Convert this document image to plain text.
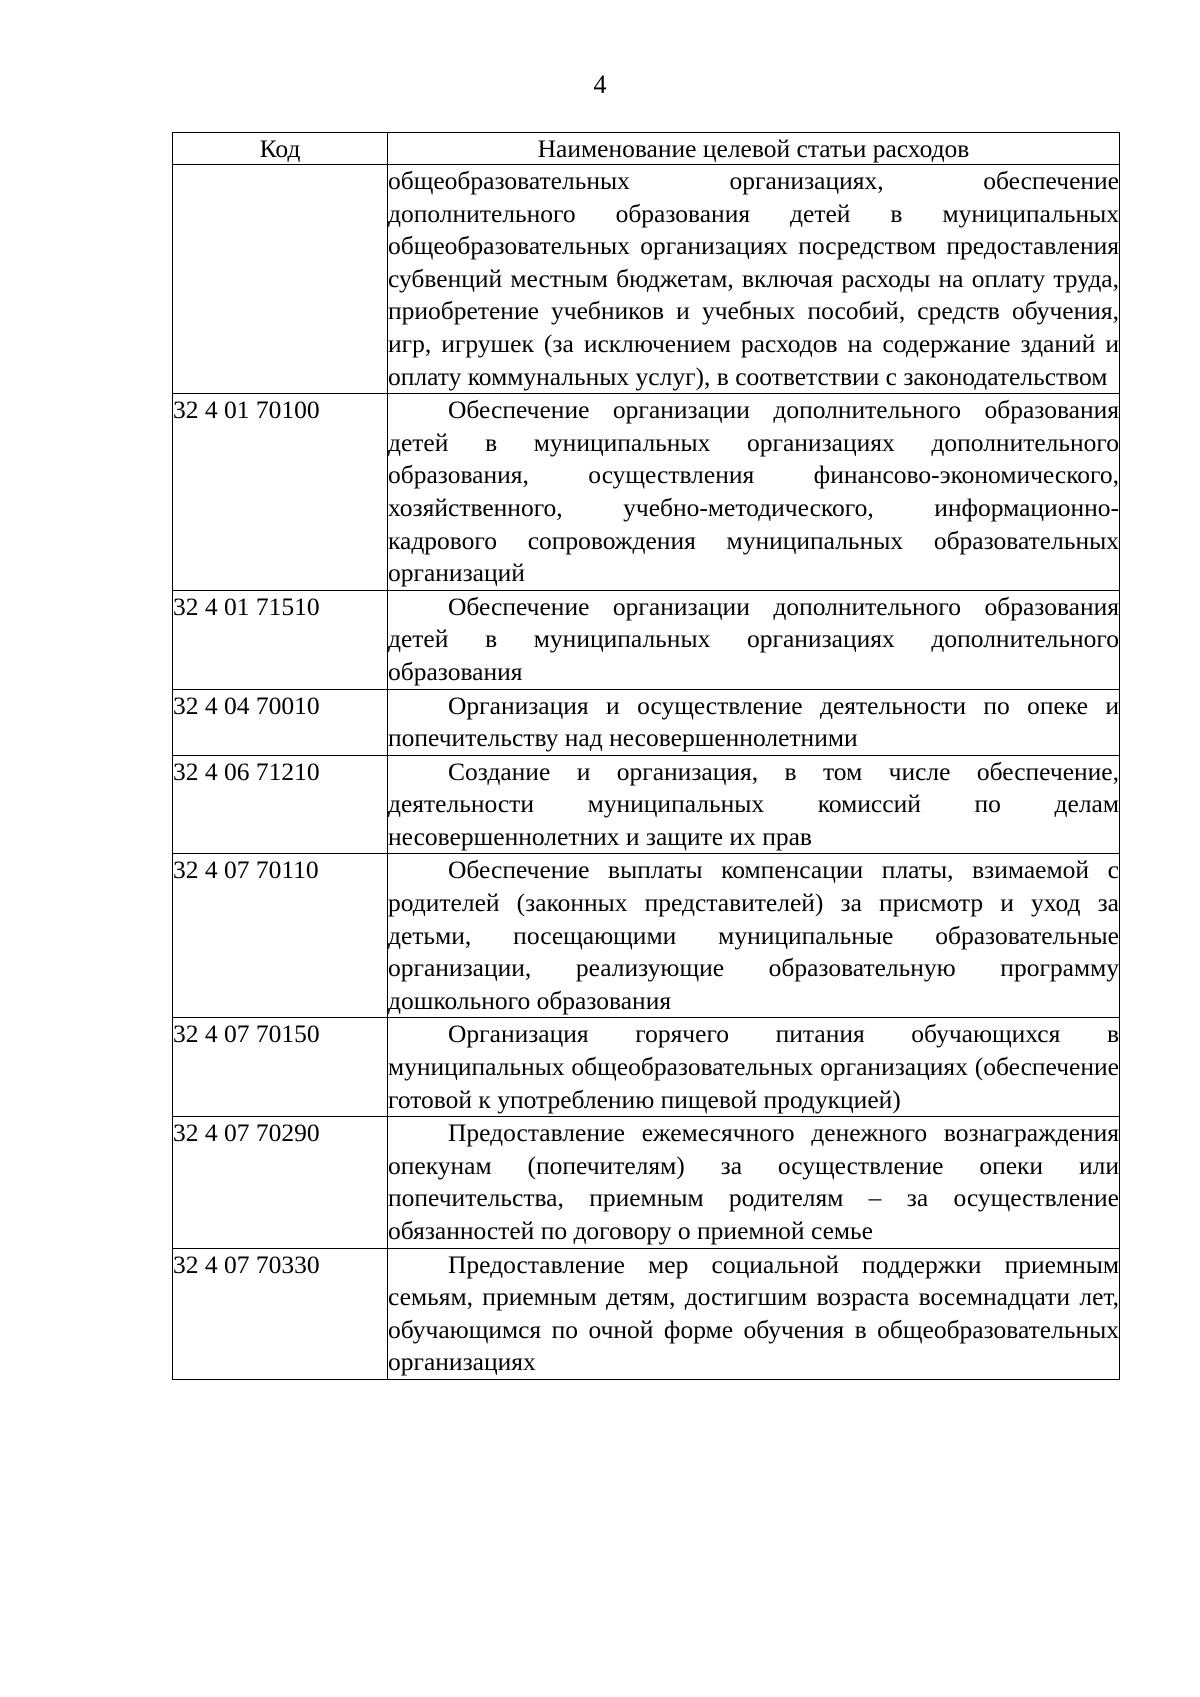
4
Код	Наименование целевой статьи расходов

	общеобразовательных организациях, обеспечение дополнительного образования детей в муниципальных общеобразовательных организациях посредством предоставления субвенций местным бюджетам, включая расходы на оплату труда, приобретение учебников и учебных пособий, средств обучения, игр, игрушек (за исключением расходов на содержание зданий и оплату коммунальных услуг), в соответствии с законодательством

32 4 01 70100	Обеспечение организации дополнительного образования детей в муниципальных организациях дополнительного образования, осуществления финансово-экономического, хозяйственного, учебно-методического, информационно-кадрового сопровождения муниципальных образовательных организаций

32 4 01 71510	Обеспечение организации дополнительного образования детей в муниципальных организациях дополнительного образования

32 4 04 70010	Организация и осуществление деятельности по опеке и попечительству над несовершеннолетними

32 4 06 71210	Создание и организация, в том числе обеспечение, деятельности муниципальных комиссий по делам несовершеннолетних и защите их прав

32 4 07 70110	Обеспечение выплаты компенсации платы, взимаемой с родителей (законных представителей) за присмотр и уход за детьми, посещающими муниципальные образовательные организации, реализующие образовательную программу дошкольного образования

32 4 07 70150	Организация горячего питания обучающихся в муниципальных общеобразовательных организациях (обеспечение готовой к употреблению пищевой продукцией)

32 4 07 70290	Предоставление ежемесячного денежного вознаграждения опекунам (попечителям) за осуществление опеки или попечительства, приемным родителям – за осуществление обязанностей по договору о приемной семье

32 4 07 70330	Предоставление мер социальной поддержки приемным семьям, приемным детям, достигшим возраста восемнадцати лет, обучающимся по очной форме обучения в общеобразовательных организациях
